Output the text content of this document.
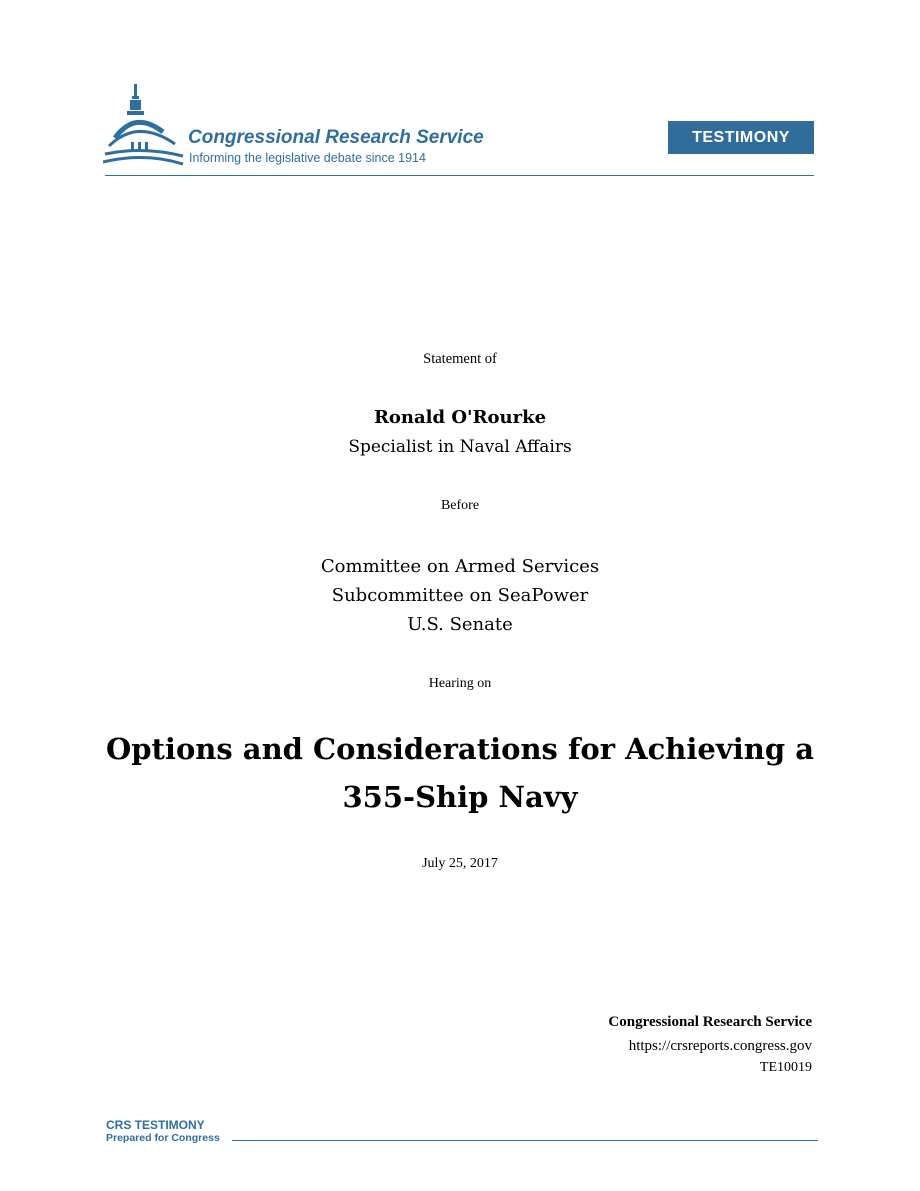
Congressional Research Service
Informing the legislative debate since 1914
TESTIMONY
Statement of
Ronald O'Rourke
Specialist in Naval Affairs
Before
Committee on Armed Services
Subcommittee on SeaPower
U.S. Senate
Hearing on
Options and Considerations for Achieving a
355-Ship Navy
July 25, 2017
Congressional Research Service
https://crsreports.congress.gov
TE10019
CRS TESTIMONY
Prepared for Congress
